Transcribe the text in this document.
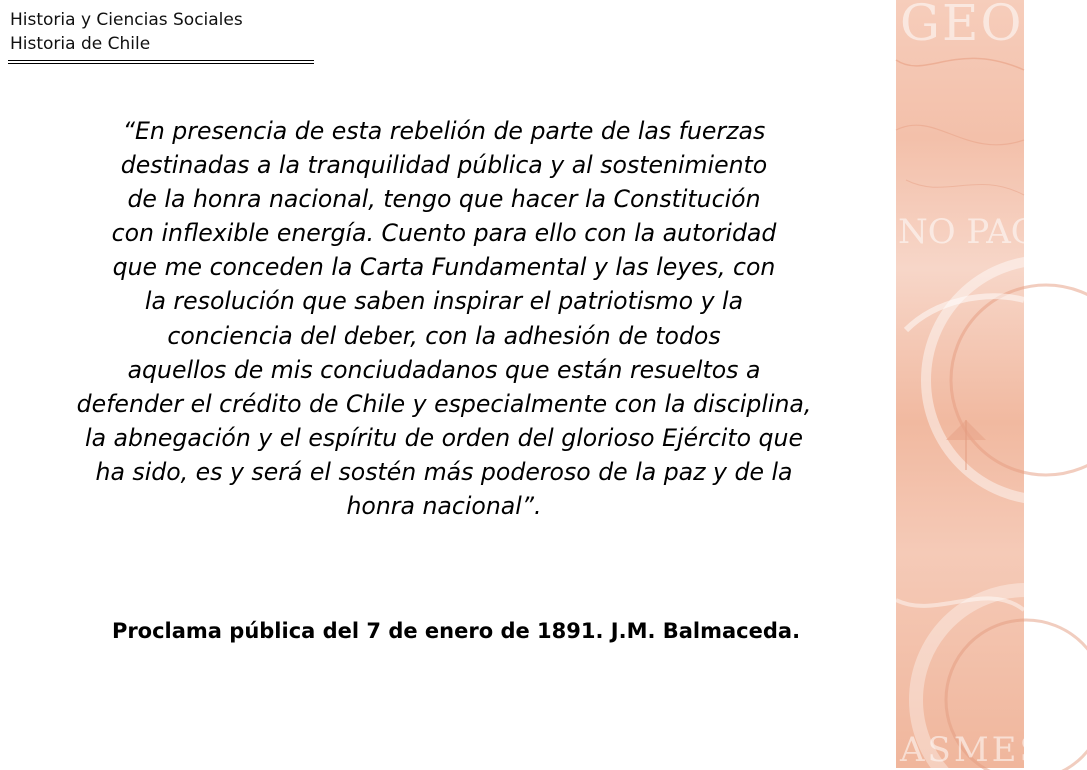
Historia y Ciencias Sociales
Historia de Chile
“En presencia de esta rebelión de parte de las fuerzas
destinadas a la tranquilidad pública y al sostenimiento
de la honra nacional, tengo que hacer la Constitución
con inflexible energía. Cuento para ello con la autoridad
que me conceden la Carta Fundamental y las leyes, con
la resolución que saben inspirar el patriotismo y la
conciencia del deber, con la adhesión de todos
aquellos de mis conciudadanos que están resueltos a
defender el crédito de Chile y especialmente con la disciplina,
la abnegación y el espíritu de orden del glorioso Ejército que
ha sido, es y será el sostén más poderoso de la paz y de la
honra nacional”.
Proclama pública del 7 de enero de 1891. J.M. Balmaceda.
GEOGI
NO PAC
ASMES
